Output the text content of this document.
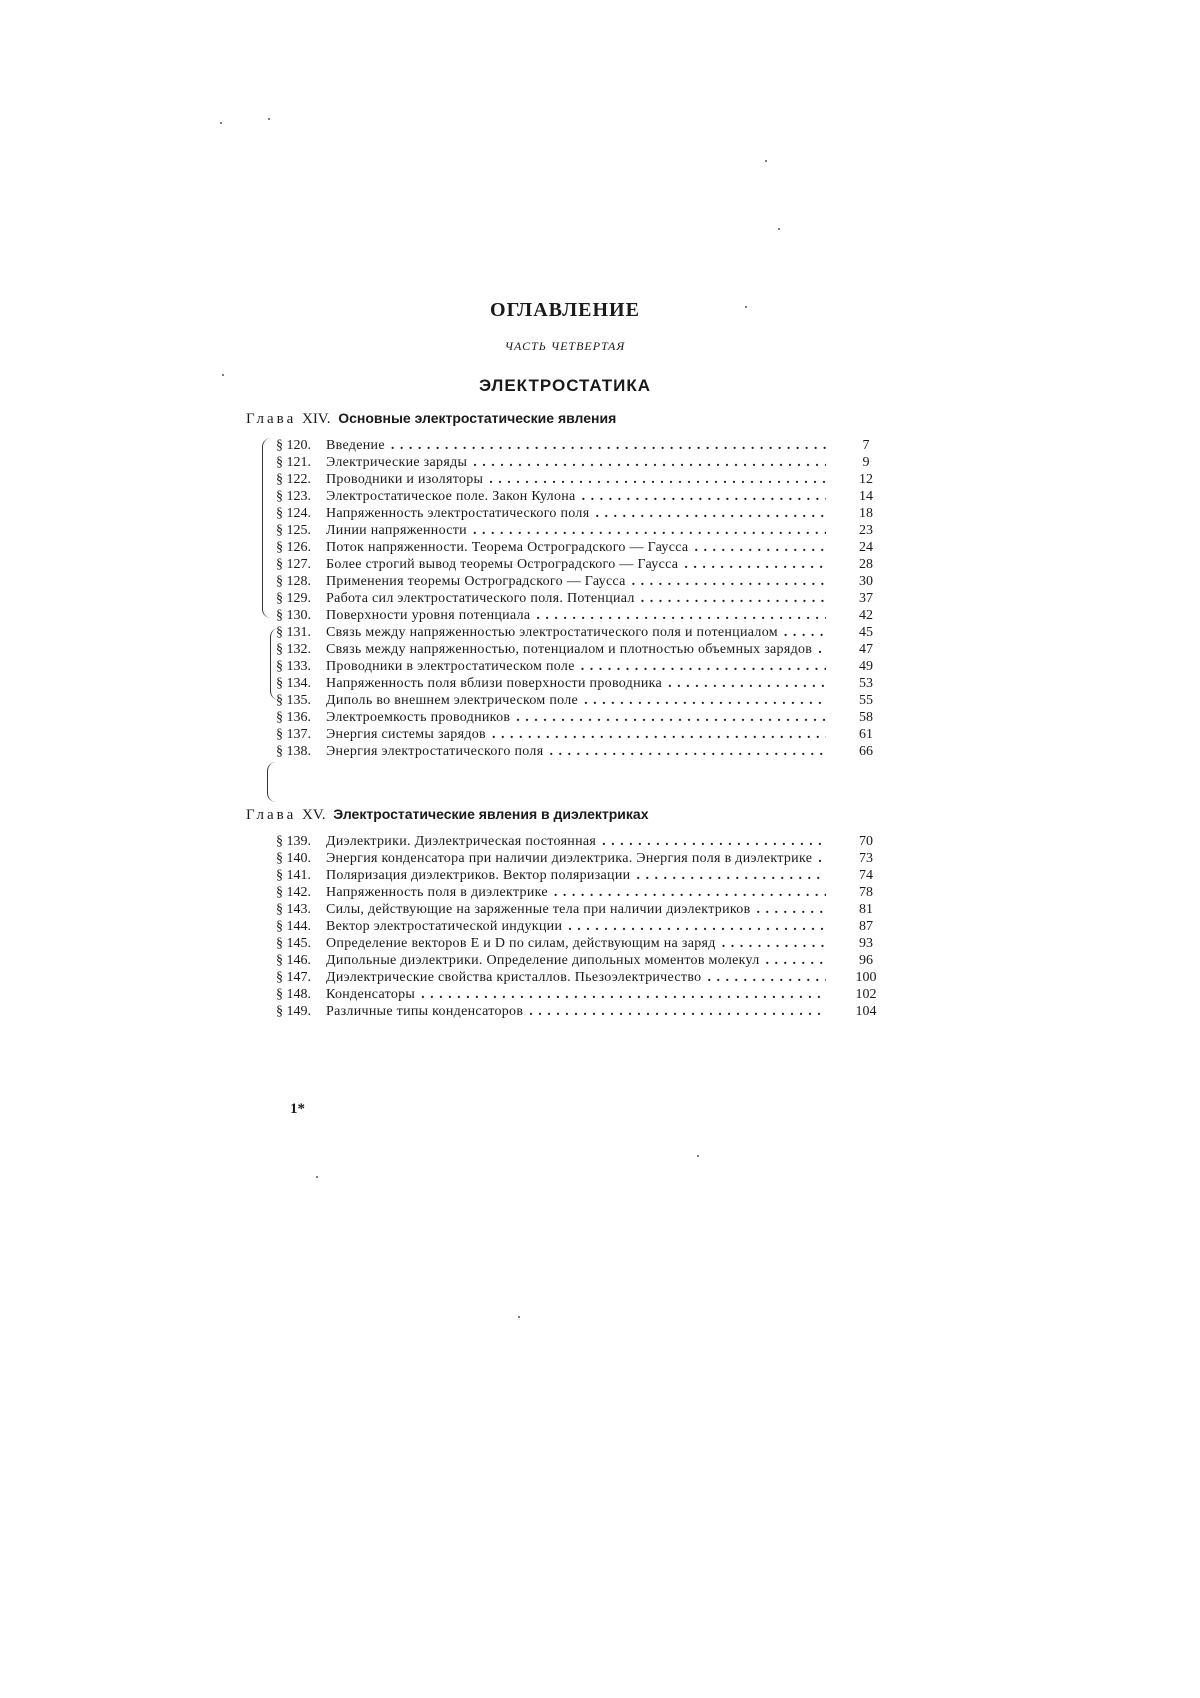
ОГЛАВЛЕНИЕ
ЧАСТЬ ЧЕТВЕРТАЯ
ЭЛЕКТРОСТАТИКА
Глава XIV. Основные электростатические явления
§ 120.	Введение . . .	7
§ 121.	Электрические заряды . . .	9
§ 122.	Проводники и изоляторы . . .	12
§ 123.	Электростатическое поле. Закон Кулона . . .	14
§ 124.	Напряженность электростатического поля . . .	18
§ 125.	Линии напряженности . . .	23
§ 126.	Поток напряженности. Теорема Остроградского — Гаусса . . .	24
§ 127.	Более строгий вывод теоремы Остроградского — Гаусса . . .	28
§ 128.	Применения теоремы Остроградского — Гаусса . . .	30
§ 129.	Работа сил электростатического поля. Потенциал . . .	37
§ 130.	Поверхности уровня потенциала . . .	42
§ 131.	Связь между напряженностью электростатического поля и потенциалом . . .	45
§ 132.	Связь между напряженностью, потенциалом и плотностью объемных зарядов . . .	47
§ 133.	Проводники в электростатическом поле . . .	49
§ 134.	Напряженность поля вблизи поверхности проводника . . .	53
§ 135.	Диполь во внешнем электрическом поле . . .	55
§ 136.	Электроемкость проводников . . .	58
§ 137.	Энергия системы зарядов . . .	61
§ 138.	Энергия электростатического поля . . .	66
Глава XV. Электростатические явления в диэлектриках
§ 139.	Диэлектрики. Диэлектрическая постоянная . . .	70
§ 140.	Энергия конденсатора при наличии диэлектрика. Энергия поля в диэлектрике . . .	73
§ 141.	Поляризация диэлектриков. Вектор поляризации . . .	74
§ 142.	Напряженность поля в диэлектрике . . .	78
§ 143.	Силы, действующие на заряженные тела при наличии диэлектриков . . .	81
§ 144.	Вектор электростатической индукции . . .	87
§ 145.	Определение векторов E и D по силам, действующим на заряд . . .	93
§ 146.	Дипольные диэлектрики. Определение дипольных моментов молекул . . .	96
§ 147.	Диэлектрические свойства кристаллов. Пьезоэлектричество . . .	100
§ 148.	Конденсаторы . . .	102
§ 149.	Различные типы конденсаторов . . .	104
1*
